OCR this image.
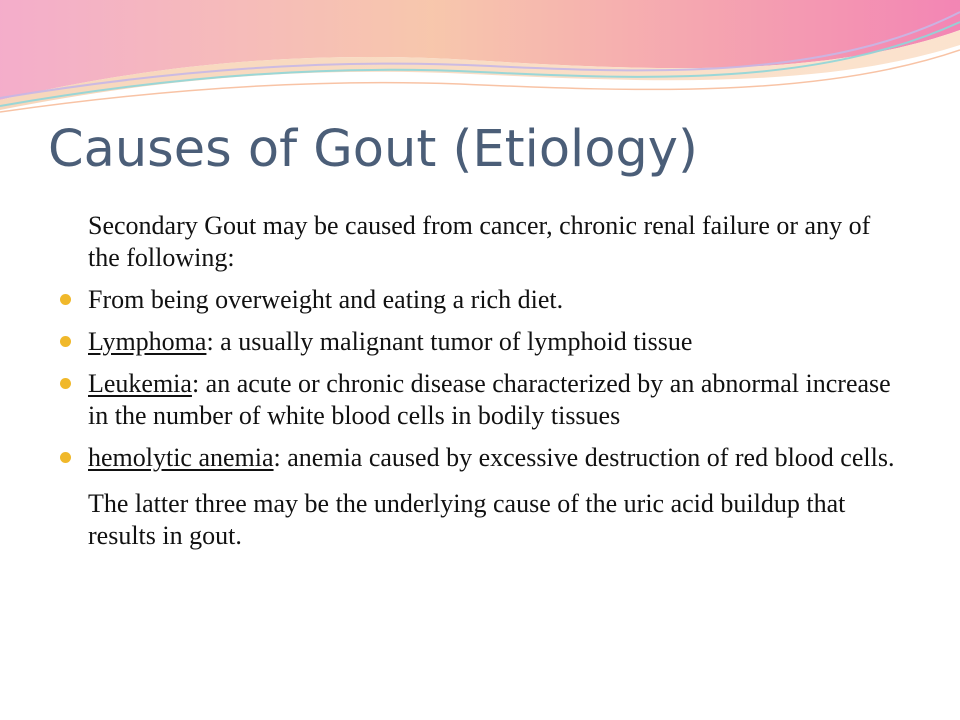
Causes of Gout (Etiology)

Secondary Gout may be caused from cancer, chronic renal failure or any of the following:

From being overweight and eating a rich diet.
Lymphoma: a usually malignant tumor of lymphoid tissue
Leukemia: an acute or chronic disease characterized by an abnormal increase in the number of white blood cells in bodily tissues
hemolytic anemia: anemia caused by excessive destruction of red blood cells.

The latter three may be the underlying cause of the uric acid buildup that results in gout.
